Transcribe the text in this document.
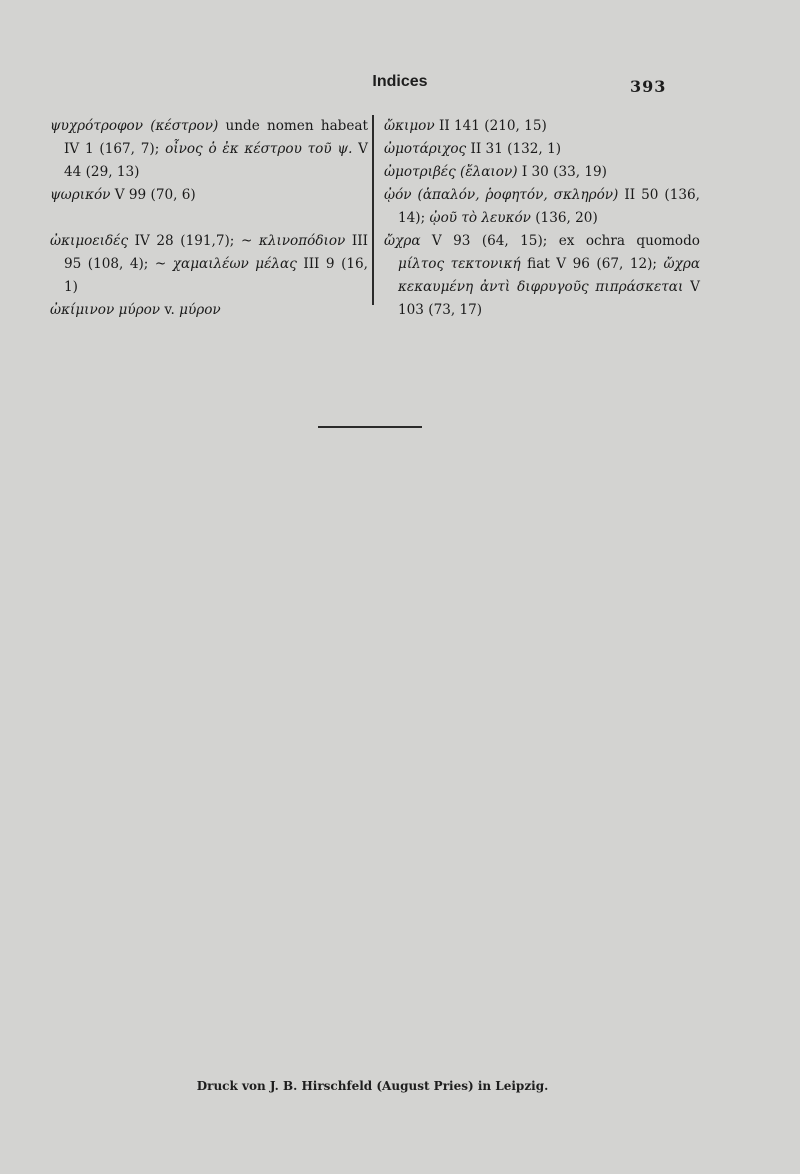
Indices	393

ψυχρότροφον (κέστρον) unde nomen habeat IV 1 (167, 7); οἶνος ὁ ἐκ κέστρου τοῦ ψ. V 44 (29, 13)

ψωρικόν V 99 (70, 6)

ὠκιμοειδές IV 28 (191,7); ~ κλινοπόδιον III 95 (108, 4); ~ χαμαιλέων μέλας III 9 (16, 1)

ὠκίμινον μύρον v. μύρον

ὤκιμον II 141 (210, 15)

ὠμοτάριχος II 31 (132, 1)

ὠμοτριβές (ἔλαιον) I 30 (33, 19)

ᾠόν (ἁπαλόν, ῥοφητόν, σκληρόν) II 50 (136, 14); ᾠοῦ τὸ λευκόν (136, 20)

ὤχρα V 93 (64, 15); ex ochra quomodo μίλτος τεκτονική fiat V 96 (67, 12); ὤχρα κεκαυμένη ἀντὶ διφρυγοῦς πιπράσκεται V 103 (73, 17)

Druck von J. B. Hirschfeld (August Pries) in Leipzig.
